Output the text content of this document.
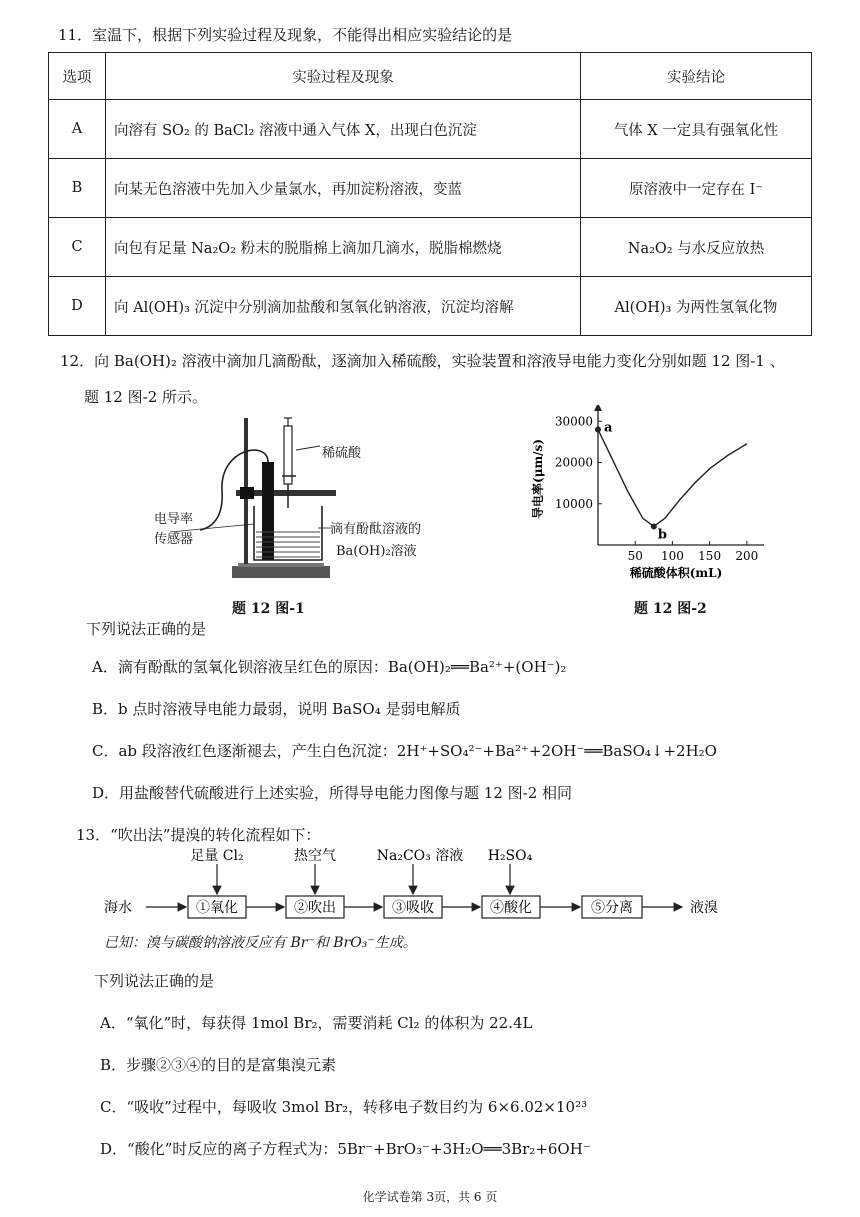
11．室温下，根据下列实验过程及现象，不能得出相应实验结论的是
选项	实验过程及现象	实验结论
A	向溶有 SO₂ 的 BaCl₂ 溶液中通入气体 X，出现白色沉淀	气体 X 一定具有强氧化性
B	向某无色溶液中先加入少量氯水，再加淀粉溶液，变蓝	原溶液中一定存在 I⁻
C	向包有足量 Na₂O₂ 粉末的脱脂棉上滴加几滴水，脱脂棉燃烧	Na₂O₂ 与水反应放热
D	向 Al(OH)₃ 沉淀中分别滴加盐酸和氢氧化钠溶液，沉淀均溶解	Al(OH)₃ 为两性氢氧化物
12．向 Ba(OH)₂ 溶液中滴加几滴酚酞，逐滴加入稀硫酸，实验装置和溶液导电能力变化分别如题 12 图-1 、
题 12 图-2 所示。
稀硫酸
电导率
传感器
滴有酚酞溶液的
Ba(OH)₂溶液
题 12 图-1
50 100 150 200
10000
20000
30000 a
b
稀硫酸体积(mL)
导电率(μm/s)
题 12 图-2
下列说法正确的是
A．滴有酚酞的氢氧化钡溶液呈红色的原因：Ba(OH)₂══Ba²⁺+(OH⁻)₂
B．b 点时溶液导电能力最弱，说明 BaSO₄ 是弱电解质
C．ab 段溶液红色逐渐褪去，产生白色沉淀：2H⁺+SO₄²⁻+Ba²⁺+2OH⁻══BaSO₄↓+2H₂O
D．用盐酸替代硫酸进行上述实验，所得导电能力图像与题 12 图-2 相同
13．“吹出法”提溴的转化流程如下：
海水	①氧化	②吹出	③吸收	④酸化	⑤分离	液溴
足量 Cl₂	热空气	Na₂CO₃ 溶液 H₂SO₄
已知：溴与碳酸钠溶液反应有 Br⁻和 BrO₃⁻生成。
下列说法正确的是
A．“氧化”时，每获得 1mol Br₂，需要消耗 Cl₂ 的体积为 22.4L
B．步骤②③④的目的是富集溴元素
C．“吸收”过程中，每吸收 3mol Br₂，转移电子数目约为 6×6.02×10²³
D．“酸化”时反应的离子方程式为：5Br⁻+BrO₃⁻+3H₂O══3Br₂+6OH⁻
化学试卷第 3页，共 6 页
